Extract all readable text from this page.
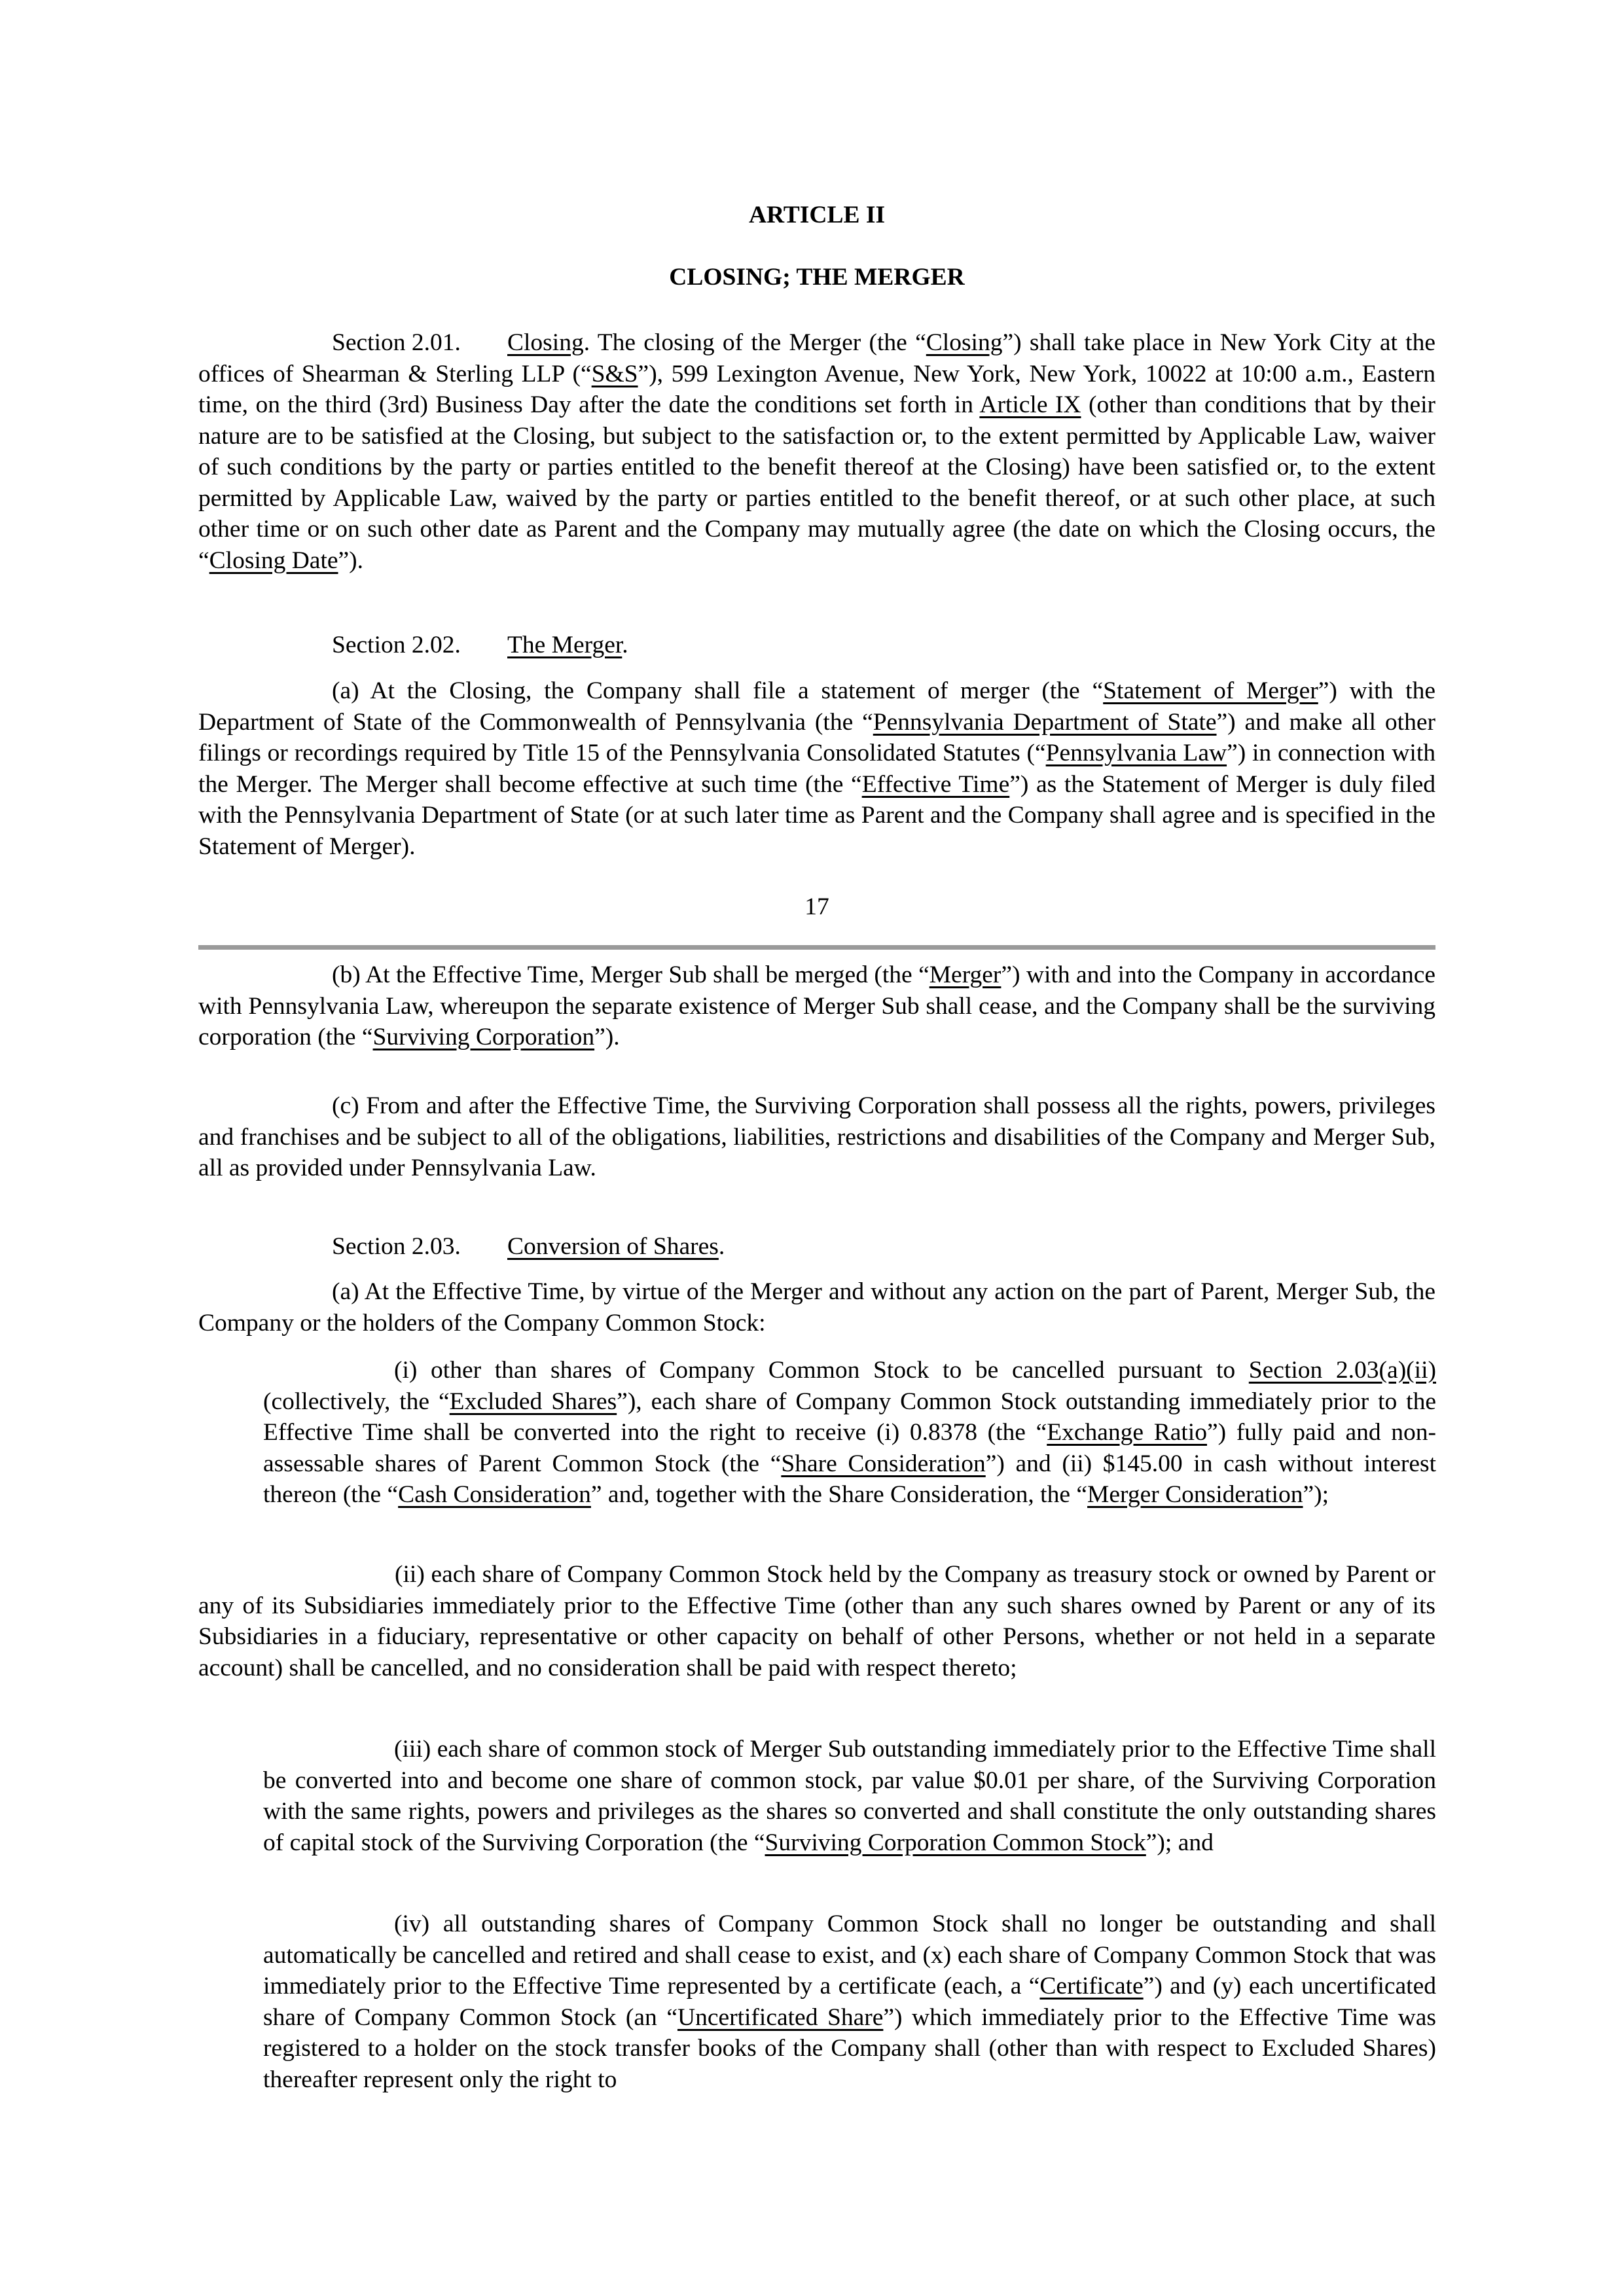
ARTICLE II
CLOSING; THE MERGER

Section 2.01. Closing. The closing of the Merger (the “Closing”) shall take place in New York City at the offices of Shearman & Sterling LLP (“S&S”), 599 Lexington Avenue, New York, New York, 10022 at 10:00 a.m., Eastern time, on the third (3rd) Business Day after the date the conditions set forth in Article IX (other than conditions that by their nature are to be satisfied at the Closing, but subject to the satisfaction or, to the extent permitted by Applicable Law, waiver of such conditions by the party or parties entitled to the benefit thereof at the Closing) have been satisfied or, to the extent permitted by Applicable Law, waived by the party or parties entitled to the benefit thereof, or at such other place, at such other time or on such other date as Parent and the Company may mutually agree (the date on which the Closing occurs, the “Closing Date”).

Section 2.02. The Merger.

(a) At the Closing, the Company shall file a statement of merger (the “Statement of Merger”) with the Department of State of the Commonwealth of Pennsylvania (the “Pennsylvania Department of State”) and make all other filings or recordings required by Title 15 of the Pennsylvania Consolidated Statutes (“Pennsylvania Law”) in connection with the Merger. The Merger shall become effective at such time (the “Effective Time”) as the Statement of Merger is duly filed with the Pennsylvania Department of State (or at such later time as Parent and the Company shall agree and is specified in the Statement of Merger).

17

(b) At the Effective Time, Merger Sub shall be merged (the “Merger”) with and into the Company in accordance with Pennsylvania Law, whereupon the separate existence of Merger Sub shall cease, and the Company shall be the surviving corporation (the “Surviving Corporation”).

(c) From and after the Effective Time, the Surviving Corporation shall possess all the rights, powers, privileges and franchises and be subject to all of the obligations, liabilities, restrictions and disabilities of the Company and Merger Sub, all as provided under Pennsylvania Law.

Section 2.03. Conversion of Shares.

(a) At the Effective Time, by virtue of the Merger and without any action on the part of Parent, Merger Sub, the Company or the holders of the Company Common Stock:

(i) other than shares of Company Common Stock to be cancelled pursuant to Section 2.03(a)(ii) (collectively, the “Excluded Shares”), each share of Company Common Stock outstanding immediately prior to the Effective Time shall be converted into the right to receive (i) 0.8378 (the “Exchange Ratio”) fully paid and non-assessable shares of Parent Common Stock (the “Share Consideration”) and (ii) $145.00 in cash without interest thereon (the “Cash Consideration” and, together with the Share Consideration, the “Merger Consideration”);

(ii) each share of Company Common Stock held by the Company as treasury stock or owned by Parent or any of its Subsidiaries immediately prior to the Effective Time (other than any such shares owned by Parent or any of its Subsidiaries in a fiduciary, representative or other capacity on behalf of other Persons, whether or not held in a separate account) shall be cancelled, and no consideration shall be paid with respect thereto;

(iii) each share of common stock of Merger Sub outstanding immediately prior to the Effective Time shall be converted into and become one share of common stock, par value $0.01 per share, of the Surviving Corporation with the same rights, powers and privileges as the shares so converted and shall constitute the only outstanding shares of capital stock of the Surviving Corporation (the “Surviving Corporation Common Stock”); and

(iv) all outstanding shares of Company Common Stock shall no longer be outstanding and shall automatically be cancelled and retired and shall cease to exist, and (x) each share of Company Common Stock that was immediately prior to the Effective Time represented by a certificate (each, a “Certificate”) and (y) each uncertificated share of Company Common Stock (an “Uncertificated Share”) which immediately prior to the Effective Time was registered to a holder on the stock transfer books of the Company shall (other than with respect to Excluded Shares) thereafter represent only the right to
